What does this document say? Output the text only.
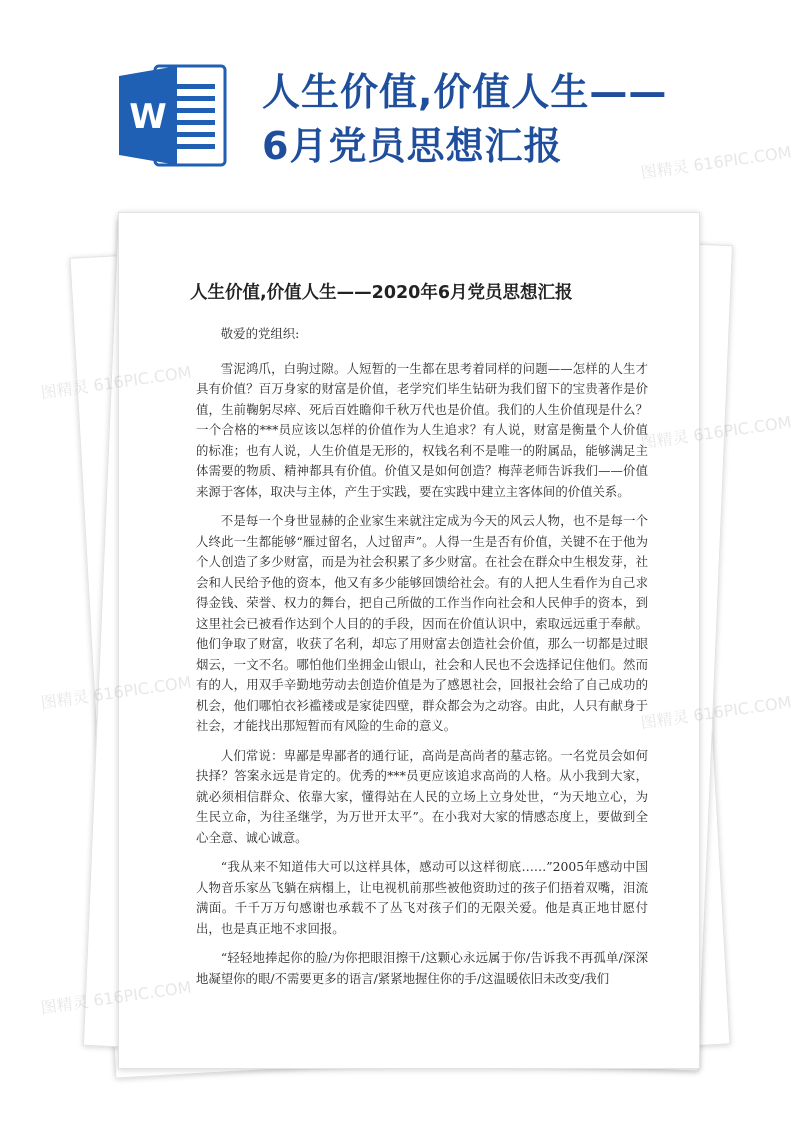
W
人生价值,价值人生——6月党员思想汇报
人生价值,价值人生——2020年6月党员思想汇报

敬爱的党组织:

雪泥鸿爪，白驹过隙。人短暂的一生都在思考着同样的问题——怎样的人生才具有价值？百万身家的财富是价值，老学究们毕生钻研为我们留下的宝贵著作是价值，生前鞠躬尽瘁、死后百姓瞻仰千秋万代也是价值。我们的人生价值现是什么？一个合格的***员应该以怎样的价值作为人生追求？有人说，财富是衡量个人价值的标准；也有人说，人生价值是无形的，权钱名利不是唯一的附属品，能够满足主体需要的物质、精神都具有价值。价值又是如何创造？梅萍老师告诉我们——价值来源于客体，取决与主体，产生于实践，要在实践中建立主客体间的价值关系。

不是每一个身世显赫的企业家生来就注定成为今天的风云人物，也不是每一个人终此一生都能够“雁过留名，人过留声”。人得一生是否有价值，关键不在于他为个人创造了多少财富，而是为社会积累了多少财富。在社会在群众中生根发芽，社会和人民给予他的资本，他又有多少能够回馈给社会。有的人把人生看作为自己求得金钱、荣誉、权力的舞台，把自己所做的工作当作向社会和人民伸手的资本，到这里社会已被看作达到个人目的的手段，因而在价值认识中，索取远远重于奉献。他们争取了财富，收获了名利，却忘了用财富去创造社会价值，那么一切都是过眼烟云，一文不名。哪怕他们坐拥金山银山，社会和人民也不会选择记住他们。然而有的人，用双手辛勤地劳动去创造价值是为了感恩社会，回报社会给了自己成功的机会，他们哪怕衣衫褴褛或是家徒四壁，群众都会为之动容。由此，人只有献身于社会，才能找出那短暂而有风险的生命的意义。

人们常说：卑鄙是卑鄙者的通行证，高尚是高尚者的墓志铭。一名党员会如何抉择？答案永远是肯定的。优秀的***员更应该追求高尚的人格。从小我到大家，就必须相信群众、依靠大家，懂得站在人民的立场上立身处世，“为天地立心，为生民立命，为往圣继学，为万世开太平”。在小我对大家的情感态度上，要做到全心全意、诚心诚意。

“我从来不知道伟大可以这样具体，感动可以这样彻底……”2005年感动中国人物音乐家丛飞躺在病榻上，让电视机前那些被他资助过的孩子们捂着双嘴，泪流满面。千千万万句感谢也承载不了丛飞对孩子们的无限关爱。他是真正地甘愿付出，也是真正地不求回报。

“轻轻地捧起你的脸/为你把眼泪擦干/这颗心永远属于你/告诉我不再孤单/深深地凝望你的眼/不需要更多的语言/紧紧地握住你的手/这温暖依旧未改变/我们

图精灵
图精灵 616PIC.COM
616PIC.COM
图精灵	图精灵 616PIC.COM
图精灵
